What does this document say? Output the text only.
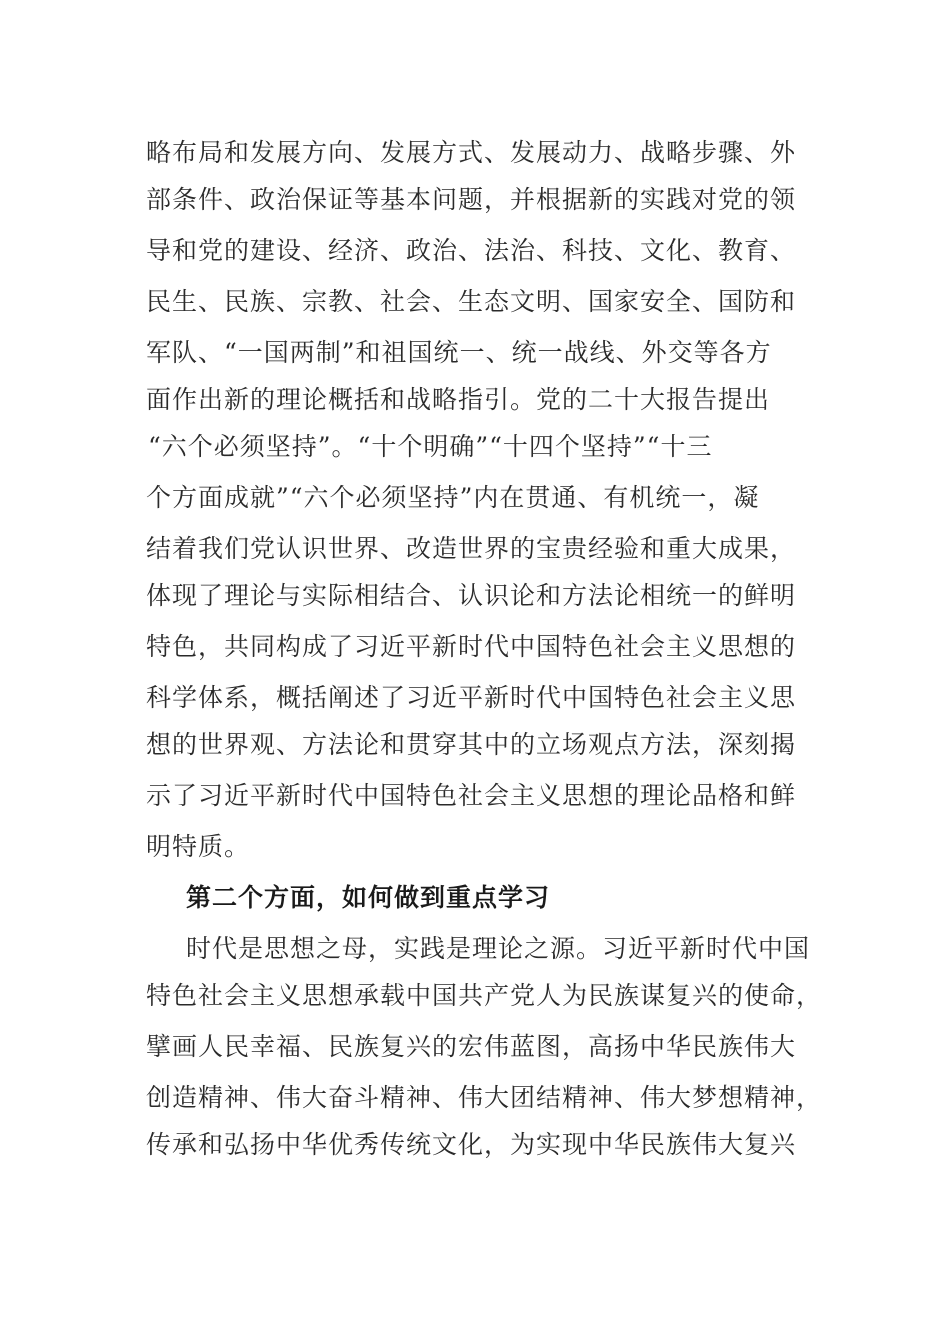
略布局和发展方向、发展方式、发展动力、战略步骤、外
部条件、政治保证等基本问题，并根据新的实践对党的领
导和党的建设、经济、政治、法治、科技、文化、教育、
民生、民族、宗教、社会、生态文明、国家安全、国防和
军队、“一国两制”和祖国统一、统一战线、外交等各方
面作出新的理论概括和战略指引。党的二十大报告提出
“六个必须坚持”。“十个明确”“十四个坚持”“十三
个方面成就”“六个必须坚持”内在贯通、有机统一，凝
结着我们党认识世界、改造世界的宝贵经验和重大成果，
体现了理论与实际相结合、认识论和方法论相统一的鲜明
特色，共同构成了习近平新时代中国特色社会主义思想的
科学体系，概括阐述了习近平新时代中国特色社会主义思
想的世界观、方法论和贯穿其中的立场观点方法，深刻揭
示了习近平新时代中国特色社会主义思想的理论品格和鲜
明特质。
第二个方面，如何做到重点学习
时代是思想之母，实践是理论之源。习近平新时代中国
特色社会主义思想承载中国共产党人为民族谋复兴的使命，
擘画人民幸福、民族复兴的宏伟蓝图，高扬中华民族伟大
创造精神、伟大奋斗精神、伟大团结精神、伟大梦想精神，
传承和弘扬中华优秀传统文化，为实现中华民族伟大复兴
